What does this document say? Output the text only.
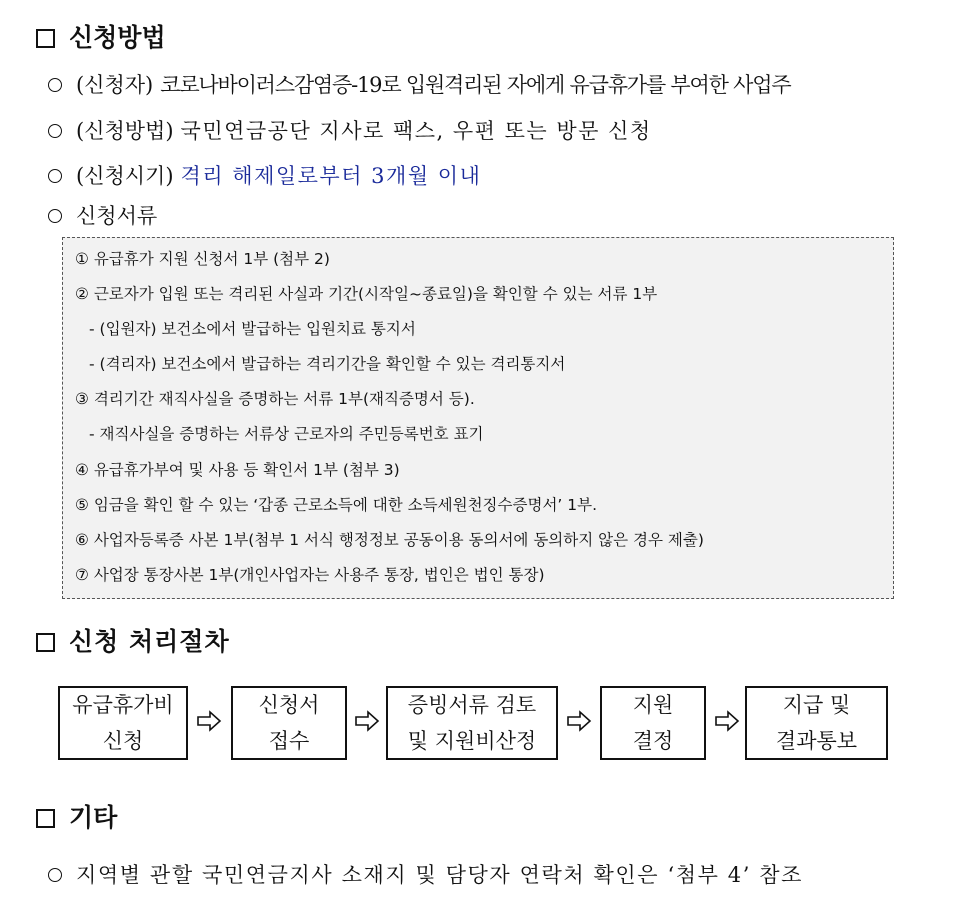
신청방법
(신청자) 코로나바이러스감염증-19로 입원격리된 자에게 유급휴가를 부여한 사업주
(신청방법) 국민연금공단 지사로 팩스, 우편 또는 방문 신청
(신청시기) 격리 해제일로부터 3개월 이내
신청서류
① 유급휴가 지원 신청서 1부 (첨부 2)
② 근로자가 입원 또는 격리된 사실과 기간(시작일~종료일)을 확인할 수 있는 서류 1부
- (입원자) 보건소에서 발급하는 입원치료 통지서
- (격리자) 보건소에서 발급하는 격리기간을 확인할 수 있는 격리통지서
③ 격리기간 재직사실을 증명하는 서류 1부(재직증명서 등).
- 재직사실을 증명하는 서류상 근로자의 주민등록번호 표기
④ 유급휴가부여 및 사용 등 확인서 1부 (첨부 3)
⑤ 임금을 확인 할 수 있는 ‘갑종 근로소득에 대한 소득세원천징수증명서’ 1부.
⑥ 사업자등록증 사본 1부(첨부 1 서식 행정정보 공동이용 동의서에 동의하지 않은 경우 제출)
⑦ 사업장 통장사본 1부(개인사업자는 사용주 통장, 법인은 법인 통장)
신청 처리절차
유급휴가비
신청
신청서
접수
증빙서류 검토
및 지원비산정
지원
결정
지급 및
결과통보
기타
지역별 관할 국민연금지사 소재지 및 담당자 연락처 확인은 ‘첨부 4’ 참조
